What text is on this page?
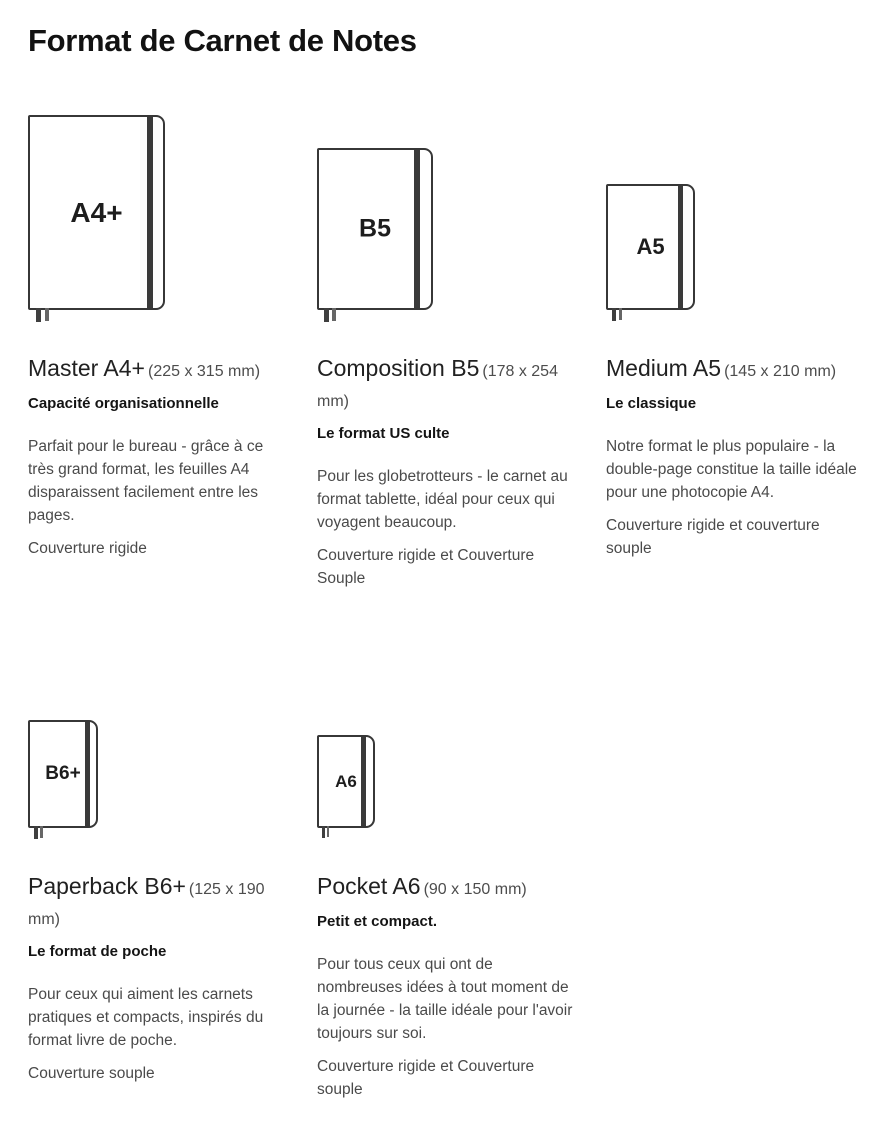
Format de Carnet de Notes
A4+
Master A4+ (225 x 315 mm)
Capacité organisationnelle

Parfait pour le bureau - grâce à ce très grand format, les feuilles A4 disparaissent facilement entre les pages.

Couverture rigide

B5
Composition B5 (178 x 254 mm)
Le format US culte

Pour les globetrotteurs - le carnet au format tablette, idéal pour ceux qui voyagent beaucoup.

Couverture rigide et Couverture Souple

A5
Medium A5 (145 x 210 mm)
Le classique

Notre format le plus populaire - la double-page constitue la taille idéale pour une photocopie A4.

Couverture rigide et couverture souple

B6+
Paperback B6+ (125 x 190 mm)
Le format de poche

Pour ceux qui aiment les carnets pratiques et compacts, inspirés du format livre de poche.

Couverture souple

A6
Pocket A6 (90 x 150 mm)
Petit et compact.

Pour tous ceux qui ont de nombreuses idées à tout moment de la journée - la taille idéale pour l'avoir toujours sur soi.

Couverture rigide et Couverture souple
